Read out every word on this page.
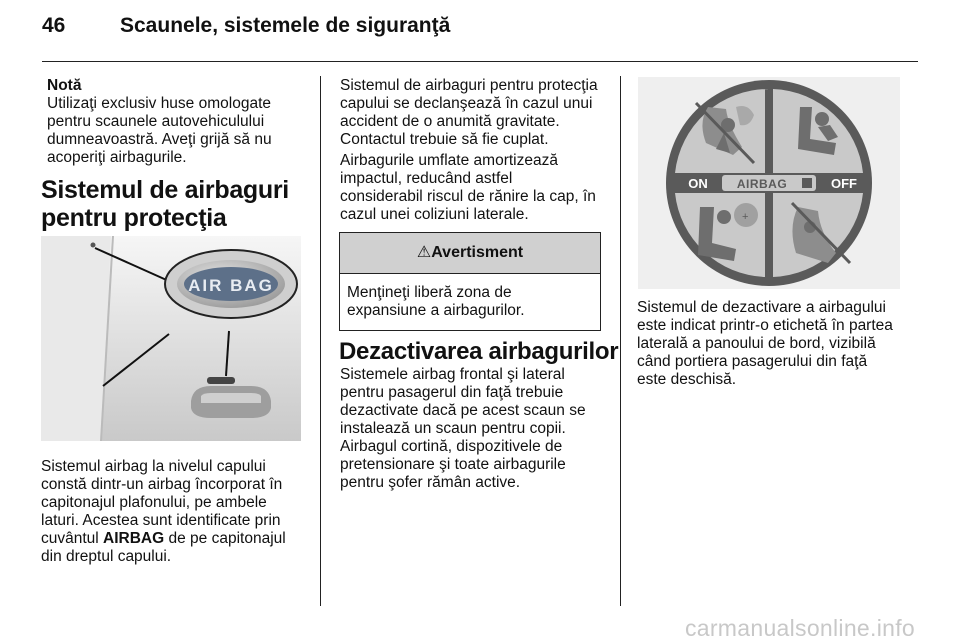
46	Scaunele, sistemele de siguranţă

Notă

Utilizaţi exclusiv huse omologate

pentru scaunele autovehiculului

dumneavoastră. Aveţi grijă să nu

acoperiţi airbagurile.

Sistemul de airbaguri
pentru protecţia
AIR BAG

Sistemul airbag la nivelul capului

constă dintr-un airbag încorporat în

capitonajul plafonului, pe ambele

laturi. Acestea sunt identificate prin

cuvântul AIRBAG de pe capitonajul

din dreptul capului.

Sistemul de airbaguri pentru protecţia

capului se declanşează în cazul unui

accident de o anumită gravitate.

Contactul trebuie să fie cuplat.

Airbagurile umflate amortizează

impactul, reducând astfel

considerabil riscul de rănire la cap, în

cazul unei coliziuni laterale.

⚠Avertisment

Menţineţi liberă zona de

expansiune a airbagurilor.

Dezactivarea airbagurilor

Sistemele airbag frontal şi lateral

pentru pasagerul din faţă trebuie

dezactivate dacă pe acest scaun se

instalează un scaun pentru copii.

Airbagul cortină, dispozitivele de

pretensionare şi toate airbagurile

pentru şofer rămân active.

+
ON AIRBAG	OFF

Sistemul de dezactivare a airbagului

este indicat printr-o etichetă în partea

laterală a panoului de bord, vizibilă

când portiera pasagerului din faţă

este deschisă.

carmanualsonline.info
